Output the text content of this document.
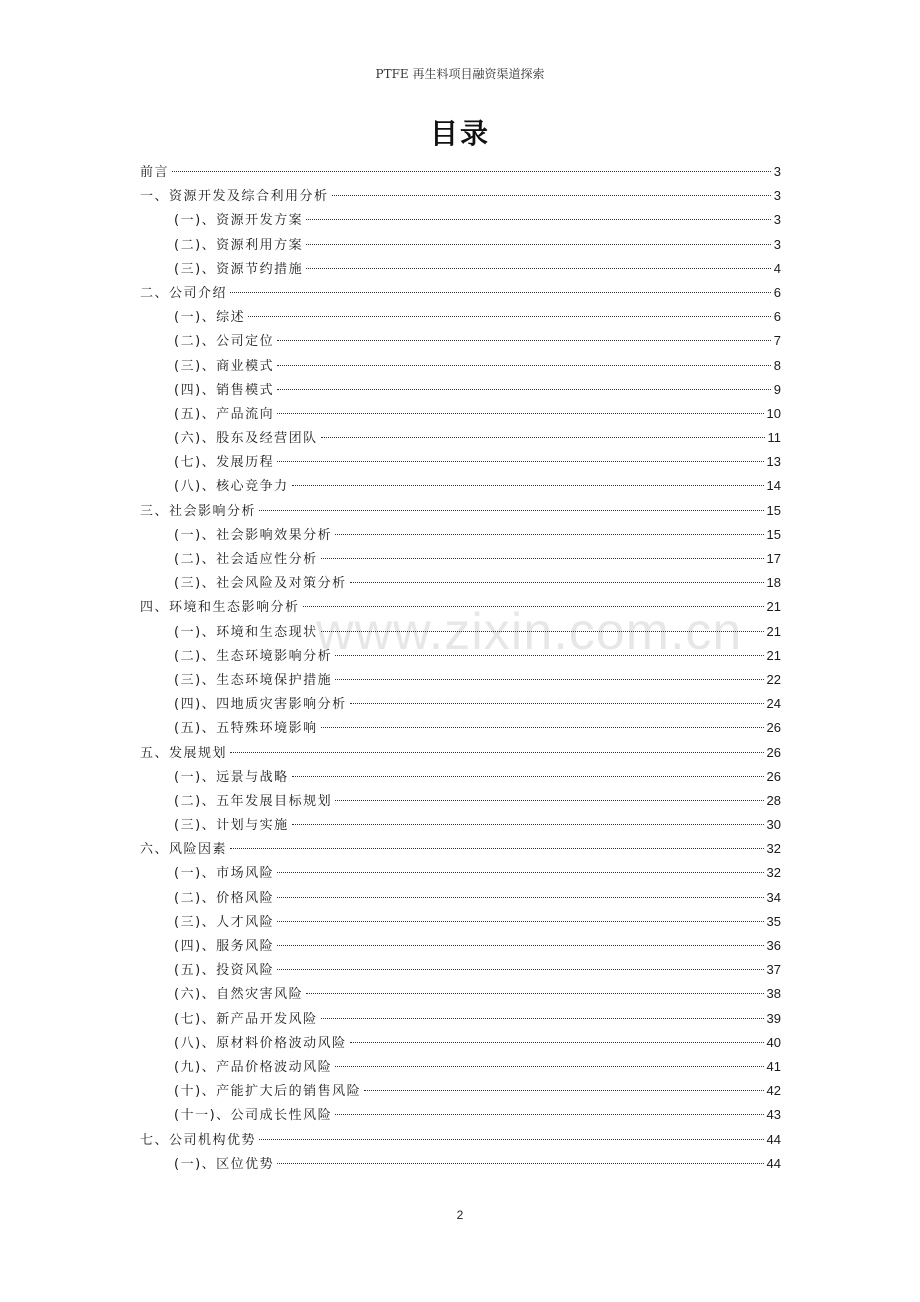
PTFE 再生料项目融资渠道探索
目录
前言	3
一、资源开发及综合利用分析	3
(一)、资源开发方案	3
(二)、资源利用方案	3
(三)、资源节约措施	4
二、公司介绍	6
(一)、综述	6
(二)、公司定位	7
(三)、商业模式	8
(四)、销售模式	9
(五)、产品流向	10
(六)、股东及经营团队	11
(七)、发展历程	13
(八)、核心竞争力	14
三、社会影响分析	15
(一)、社会影响效果分析	15
(二)、社会适应性分析	17
(三)、社会风险及对策分析	18
四、环境和生态影响分析	21
(一)、环境和生态现状	21
(二)、生态环境影响分析	21
(三)、生态环境保护措施	22
(四)、四地质灾害影响分析	24
(五)、五特殊环境影响	26
五、发展规划	26
(一)、远景与战略	26
(二)、五年发展目标规划	28
(三)、计划与实施	30
六、风险因素	32
(一)、市场风险	32
(二)、价格风险	34
(三)、人才风险	35
(四)、服务风险	36
(五)、投资风险	37
(六)、自然灾害风险	38
(七)、新产品开发风险	39
(八)、原材料价格波动风险	40
(九)、产品价格波动风险	41
(十)、产能扩大后的销售风险	42
(十一)、公司成长性风险	43
七、公司机构优势	44
(一)、区位优势	44
www.zixin.com.cn
2
